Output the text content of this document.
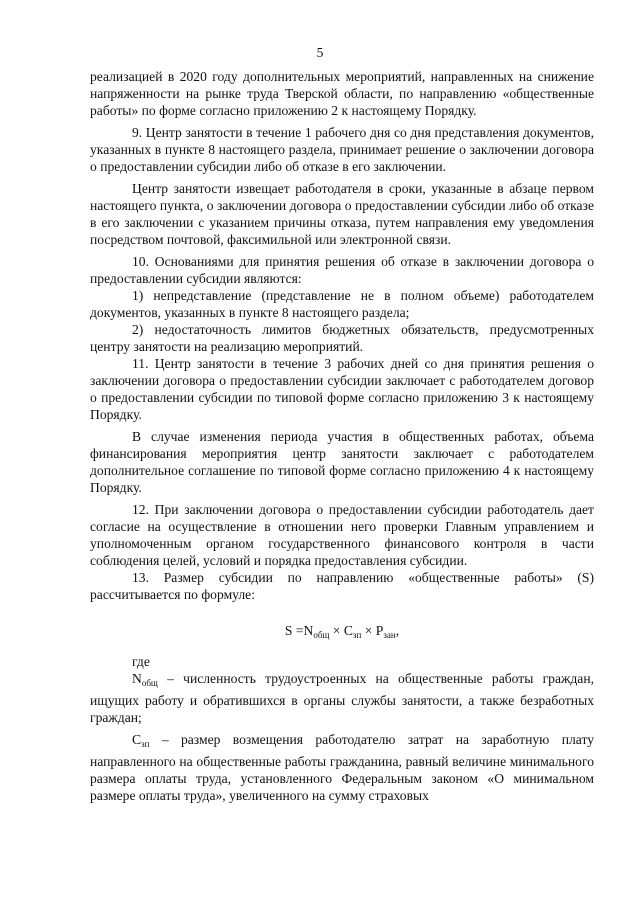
5

реализацией в 2020 году дополнительных мероприятий, направленных на снижение напряженности на рынке труда Тверской области, по направлению «общественные работы» по форме согласно приложению 2 к настоящему Порядку.

9. Центр занятости в течение 1 рабочего дня со дня представления документов, указанных в пункте 8 настоящего раздела, принимает решение о заключении договора о предоставлении субсидии либо об отказе в его заключении.

Центр занятости извещает работодателя в сроки, указанные в абзаце первом настоящего пункта, о заключении договора о предоставлении субсидии либо об отказе в его заключении с указанием причины отказа, путем направления ему уведомления посредством почтовой, факсимильной или электронной связи.

10. Основаниями для принятия решения об отказе в заключении договора о предоставлении субсидии являются:

1) непредставление (представление не в полном объеме) работодателем документов, указанных в пункте 8 настоящего раздела;

2) недостаточность лимитов бюджетных обязательств, предусмотренных центру занятости на реализацию мероприятий.

11. Центр занятости в течение 3 рабочих дней со дня принятия решения о заключении договора о предоставлении субсидии заключает с работодателем договор о предоставлении субсидии по типовой форме согласно приложению 3 к настоящему Порядку.

В случае изменения периода участия в общественных работах, объема финансирования мероприятия центр занятости заключает с работодателем дополнительное соглашение по типовой форме согласно приложению 4 к настоящему Порядку.

12. При заключении договора о предоставлении субсидии работодатель дает согласие на осуществление в отношении него проверки Главным управлением и уполномоченным органом государственного финансового контроля в части соблюдения целей, условий и порядка предоставления субсидии.

13. Размер субсидии по направлению «общественные работы» (S) рассчитывается по формуле:

$S =N_{общ} \times С_{зп} \times Р_{зан}$,

где

$N_{общ}$ – численность трудоустроенных на общественные работы граждан, ищущих работу и обратившихся в органы службы занятости, а также безработных граждан;

$С_{зп}$ – размер возмещения работодателю затрат на заработную плату направленного на общественные работы гражданина, равный величине минимального размера оплаты труда, установленного Федеральным законом «О минимальном размере оплаты труда», увеличенного на сумму страховых
